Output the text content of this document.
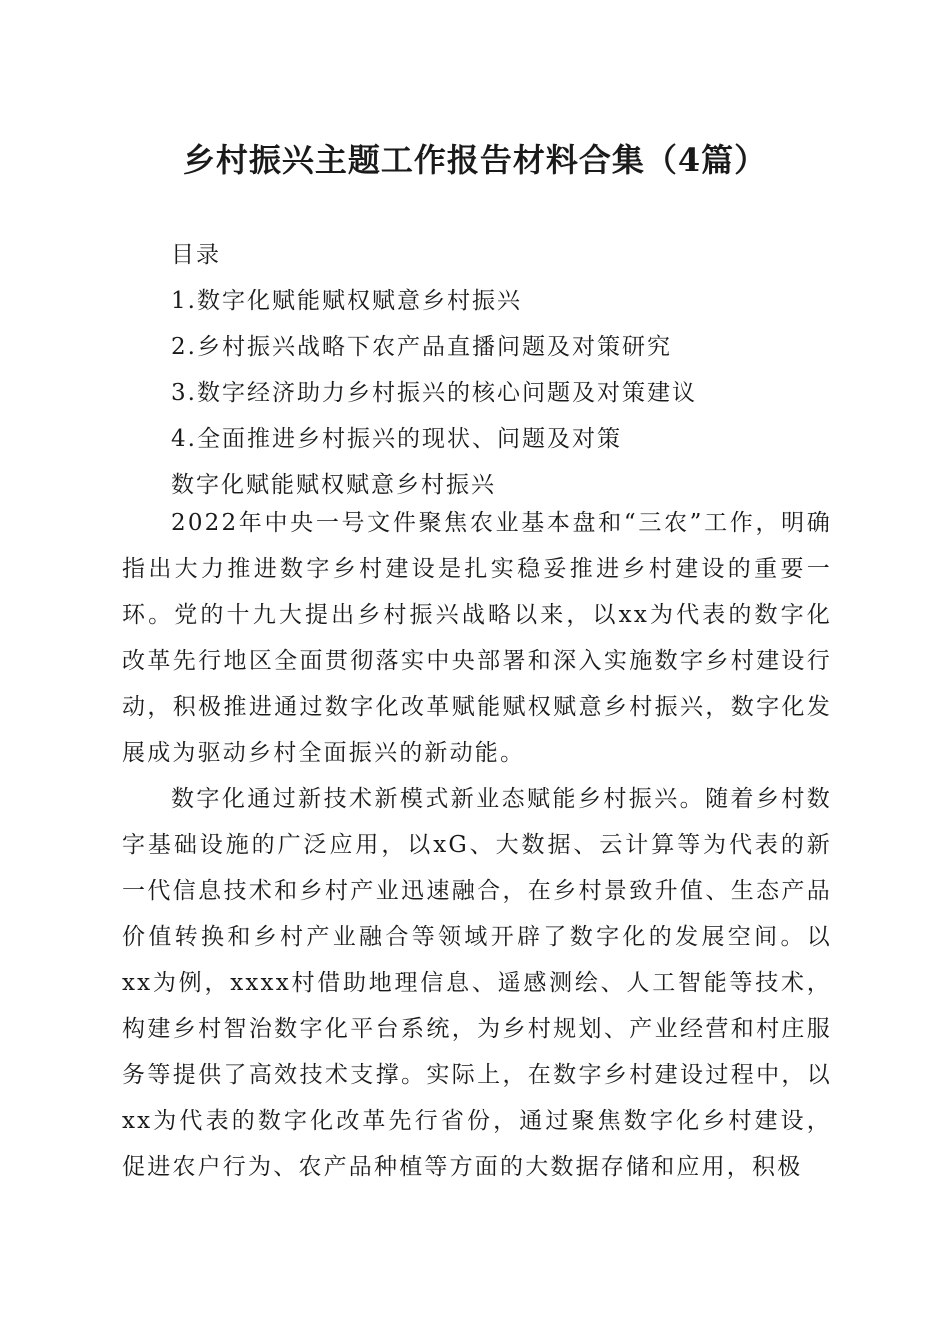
乡村振兴主题工作报告材料合集（4篇）
目录
1.数字化赋能赋权赋意乡村振兴
2.乡村振兴战略下农产品直播问题及对策研究
3.数字经济助力乡村振兴的核心问题及对策建议
4.全面推进乡村振兴的现状、问题及对策
数字化赋能赋权赋意乡村振兴

2022年中央一号文件聚焦农业基本盘和“三农”工作，明确指出大力推进数字乡村建设是扎实稳妥推进乡村建设的重要一环。党的十九大提出乡村振兴战略以来，以xx为代表的数字化改革先行地区全面贯彻落实中央部署和深入实施数字乡村建设行动，积极推进通过数字化改革赋能赋权赋意乡村振兴，数字化发展成为驱动乡村全面振兴的新动能。

数字化通过新技术新模式新业态赋能乡村振兴。随着乡村数字基础设施的广泛应用，以xG、大数据、云计算等为代表的新一代信息技术和乡村产业迅速融合，在乡村景致升值、生态产品价值转换和乡村产业融合等领域开辟了数字化的发展空间。以xx为例，xxxx村借助地理信息、遥感测绘、人工智能等技术，构建乡村智治数字化平台系统，为乡村规划、产业经营和村庄服务等提供了高效技术支撑。实际上，在数字乡村建设过程中，以xx为代表的数字化改革先行省份，通过聚焦数字化乡村建设，促进农户行为、农产品种植等方面的大数据存储和应用，积极
